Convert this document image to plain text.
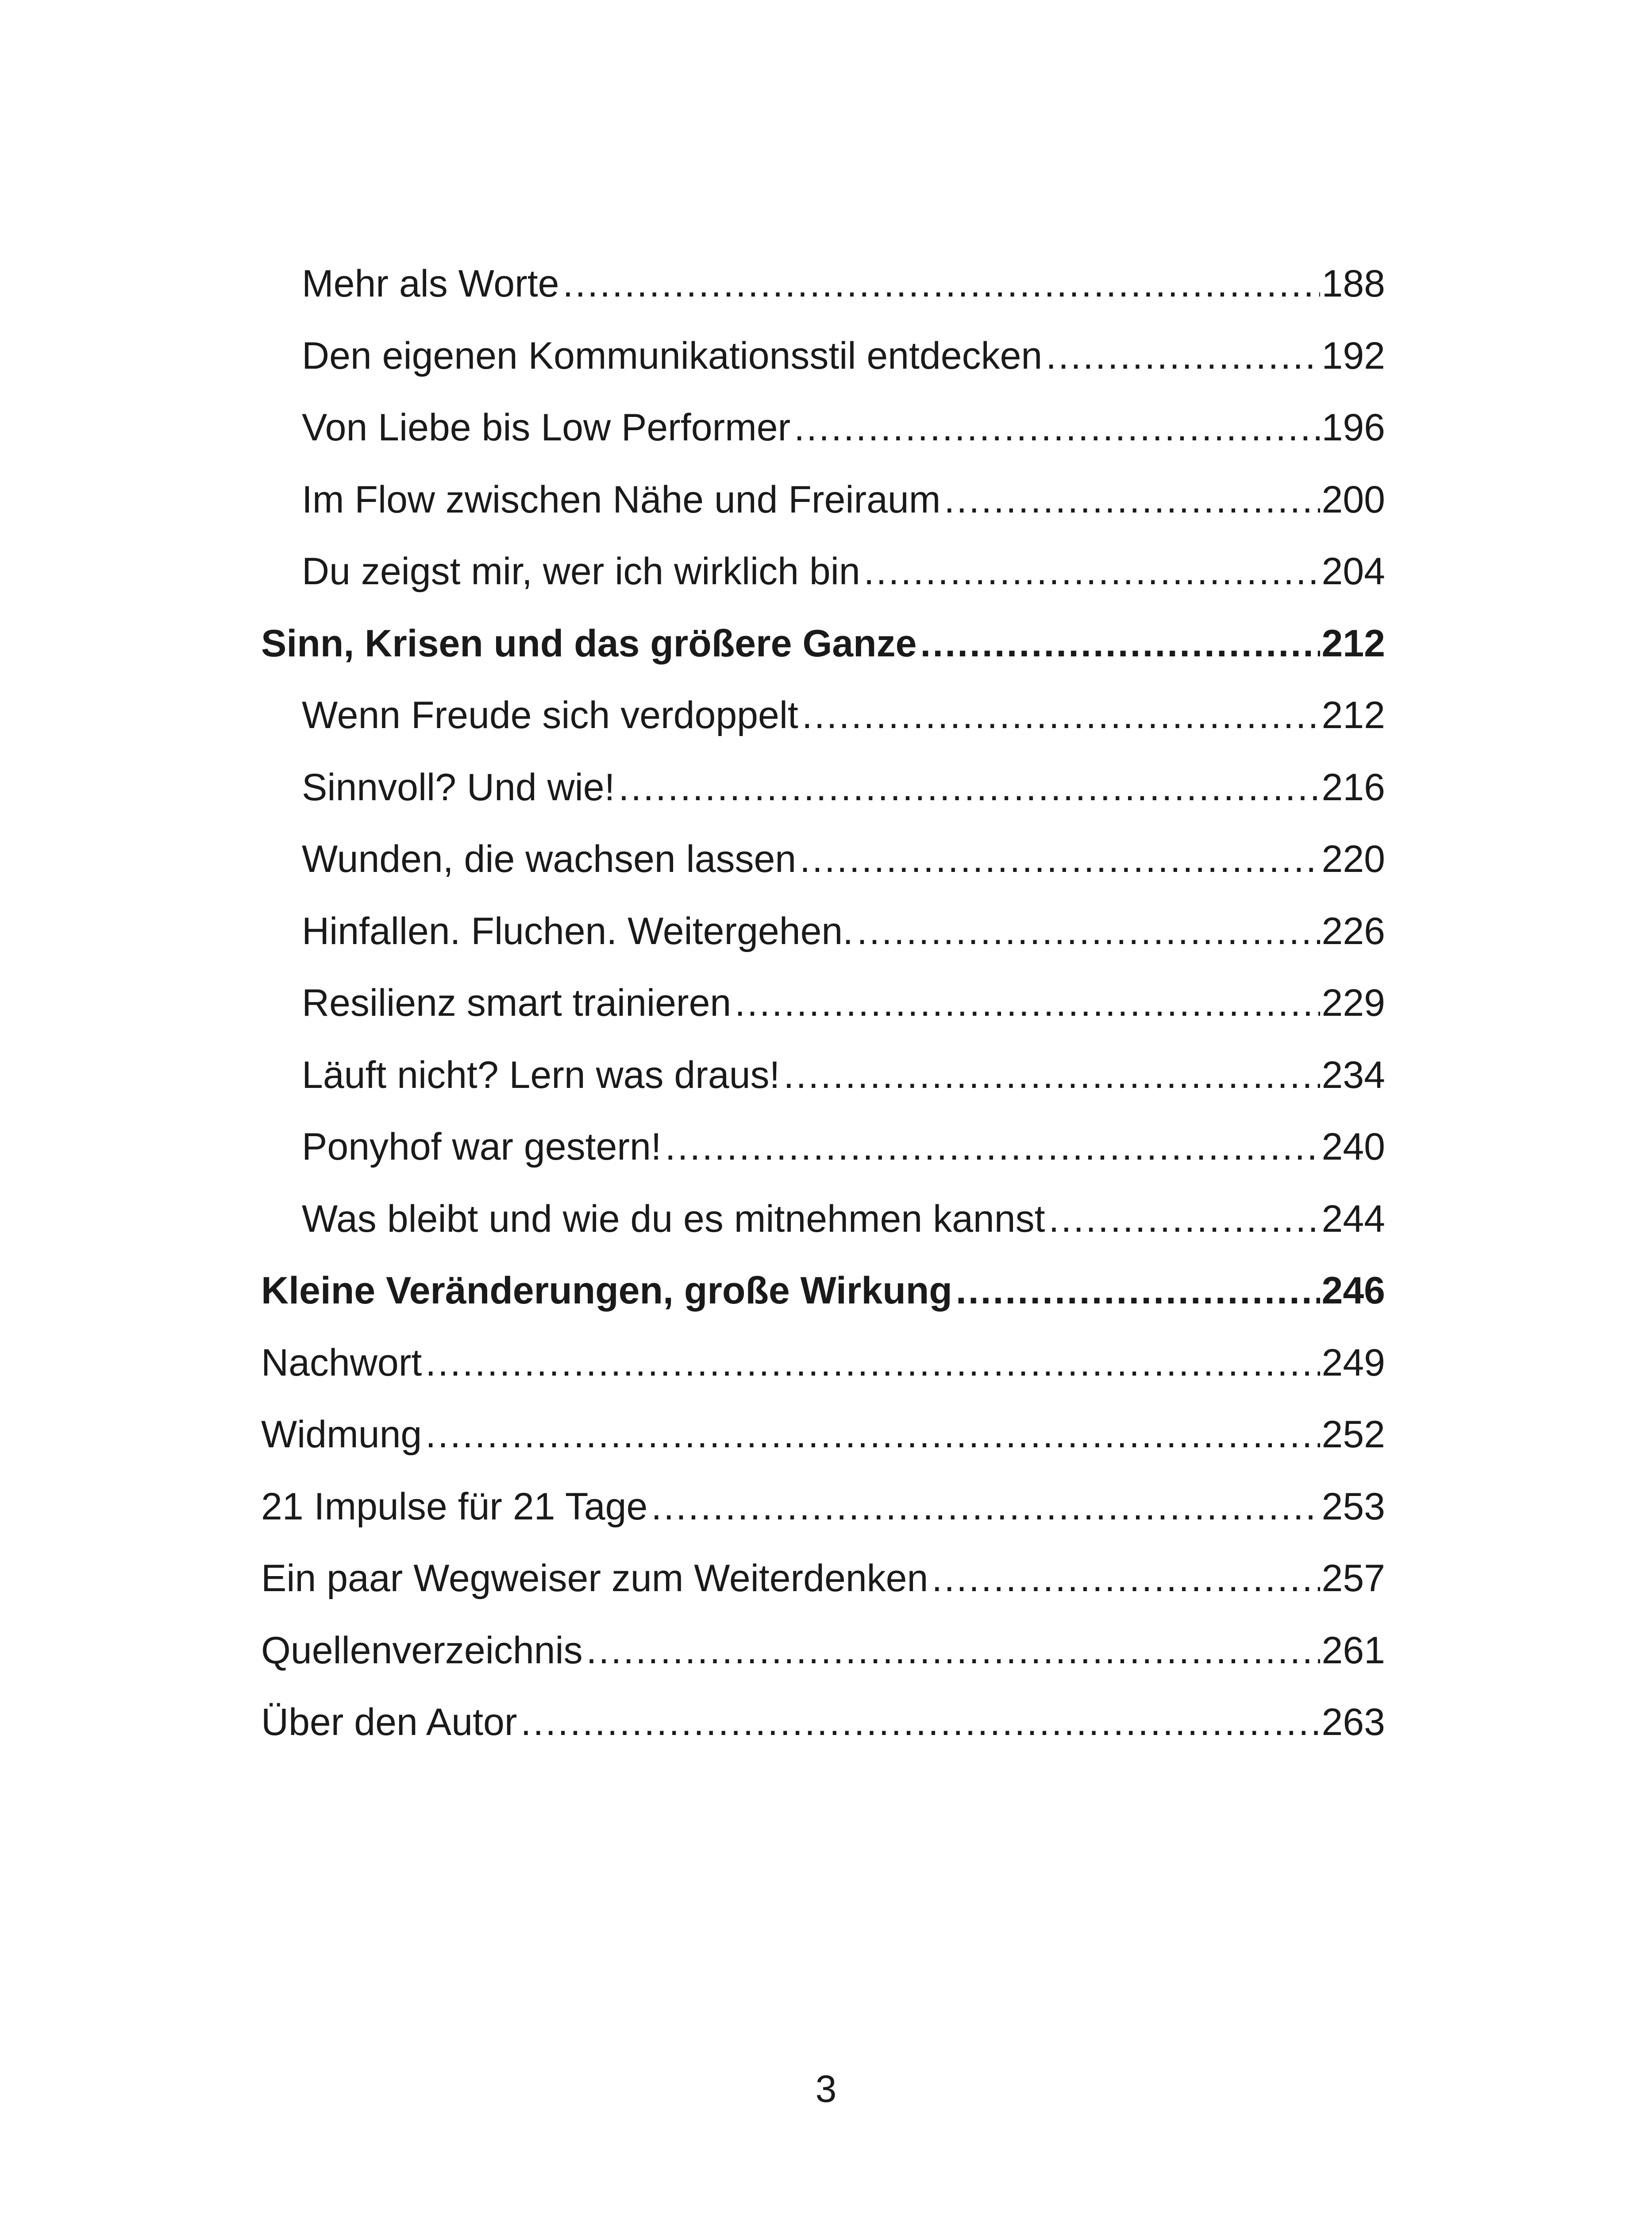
Mehr als Worte .....	188
Den eigenen Kommunikationsstil entdecken .....	192
Von Liebe bis Low Performer .....	196
Im Flow zwischen Nähe und Freiraum .....	200
Du zeigst mir, wer ich wirklich bin .....	204
Sinn, Krisen und das größere Ganze .....	212
Wenn Freude sich verdoppelt .....	212
Sinnvoll? Und wie! .....	216
Wunden, die wachsen lassen .....	220
Hinfallen. Fluchen. Weitergehen. .....	226
Resilienz smart trainieren .....	229
Läuft nicht? Lern was draus! .....	234
Ponyhof war gestern! .....	240
Was bleibt und wie du es mitnehmen kannst .....	244
Kleine Veränderungen, große Wirkung .....	246
Nachwort .....	249
Widmung .....	252
21 Impulse für 21 Tage .....	253
Ein paar Wegweiser zum Weiterdenken .....	257
Quellenverzeichnis .....	261
Über den Autor .....	263
3
